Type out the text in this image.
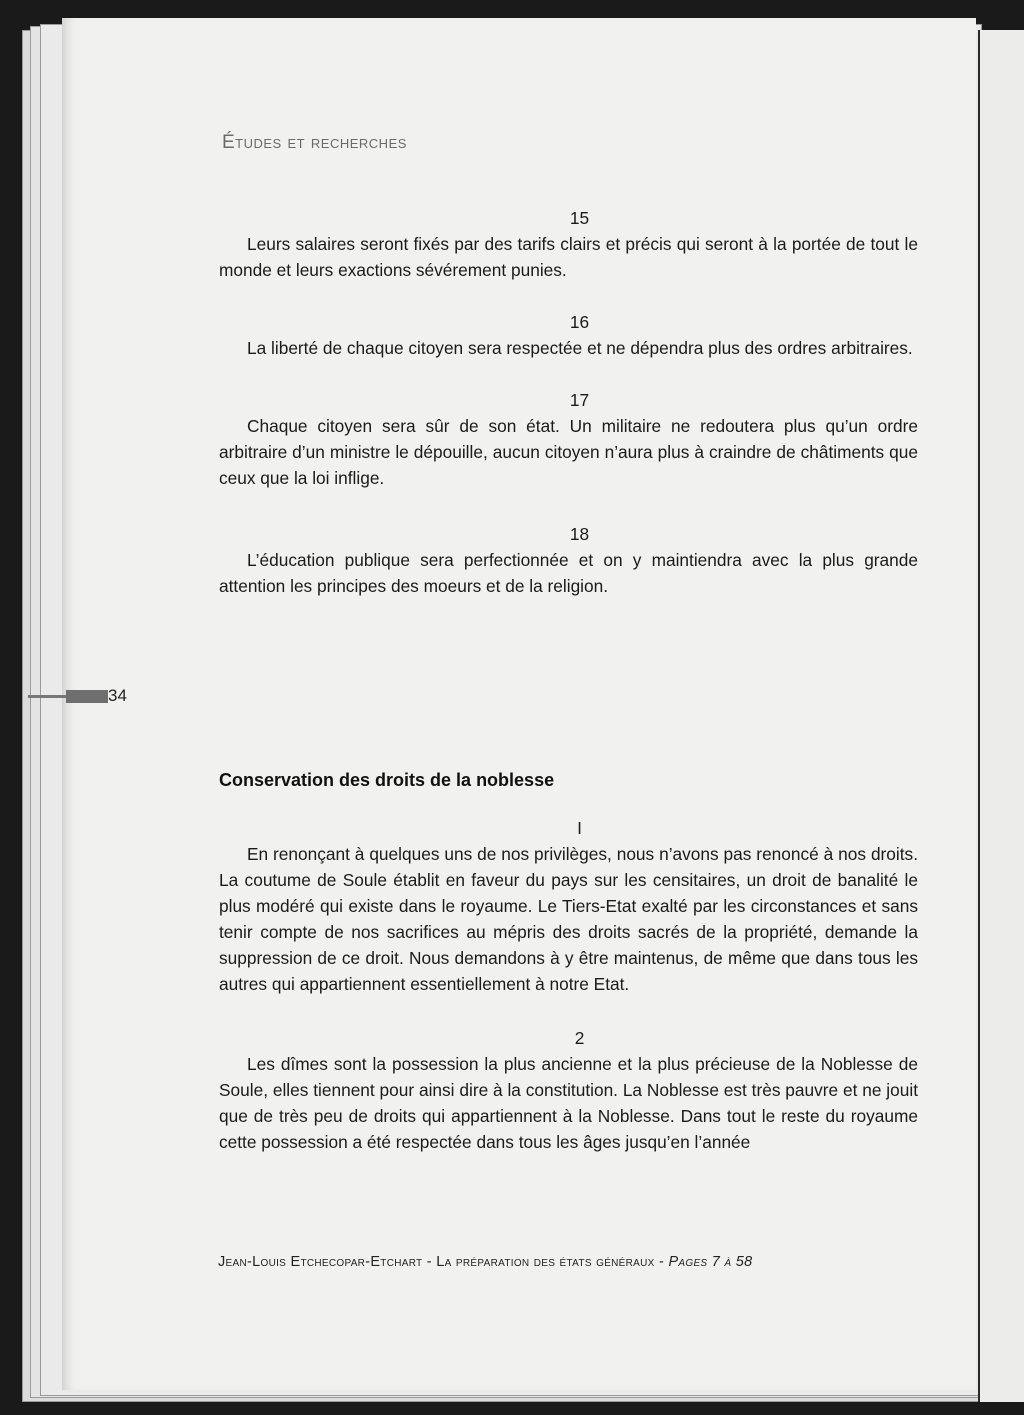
Études et recherches
34
15

Leurs salaires seront fixés par des tarifs clairs et précis qui seront à la portée de tout le monde et leurs exactions sévérement punies.

16

La liberté de chaque citoyen sera respectée et ne dépendra plus des ordres arbitraires.

17

Chaque citoyen sera sûr de son état. Un militaire ne redoutera plus qu’un ordre arbitraire d’un ministre le dépouille, aucun citoyen n’aura plus à craindre de châtiments que ceux que la loi inflige.

18

L’éducation publique sera perfectionnée et on y maintiendra avec la plus grande attention les principes des moeurs et de la religion.

Conservation des droits de la noblesse

I

En renonçant à quelques uns de nos privilèges, nous n’avons pas renoncé à nos droits. La coutume de Soule établit en faveur du pays sur les censitaires, un droit de banalité le plus modéré qui existe dans le royaume. Le Tiers-Etat exalté par les circonstances et sans tenir compte de nos sacrifices au mépris des droits sacrés de la propriété, demande la suppression de ce droit. Nous demandons à y être maintenus, de même que dans tous les autres qui appartiennent essentiellement à notre Etat.

2

Les dîmes sont la possession la plus ancienne et la plus précieuse de la Noblesse de Soule, elles tiennent pour ainsi dire à la constitution. La Noblesse est très pauvre et ne jouit que de très peu de droits qui appartiennent à la Noblesse. Dans tout le reste du royaume cette possession a été respectée dans tous les âges jusqu’en l’année

Jean-Louis Etchecopar-Etchart - La préparation des états généraux - Pages 7 à 58
